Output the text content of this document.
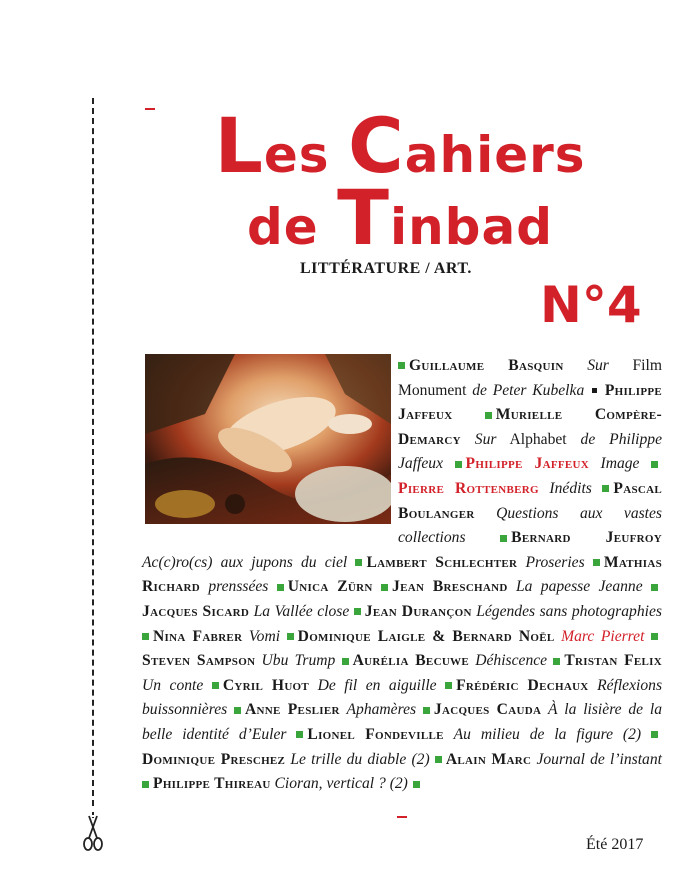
Les Cahiers
de Tinbad
LITTÉRATURE / ART.
N°4
Guillaume Basquin Sur Film Monument de Peter Kubelka Philippe Jaffeux	Murielle Compère-Demarcy Sur Alphabet de Philippe Jaffeux Philippe Jaffeux Image Pierre Rottenberg Inédits Pascal Boulanger Questions aux vastes collections	Bernard Jeufroy Ac(c)ro(cs) aux jupons du ciel Lambert Schlechter Proseries Mathias Richard prenssées Unica Zürn Jean Breschand La papesse Jeanne Jacques Sicard La Vallée close Jean Durançon Légendes sans photographies Nina Fabrer Vomi Dominique Laigle & Bernard Noël Marc Pierret Steven Sampson Ubu Trump Aurélia Becuwe Déhiscence Tristan Felix Un conte Cyril Huot De fil en aiguille Frédéric Dechaux Réflexions buissonnières Anne Peslier Aphamères Jacques Cauda À la lisière de la belle identité d’Euler Lionel Fondeville Au milieu de la figure (2) Dominique Preschez Le trille du diable (2) Alain Marc Journal de l’instant Philippe Thireau Cioran, vertical ? (2)
Été 2017
